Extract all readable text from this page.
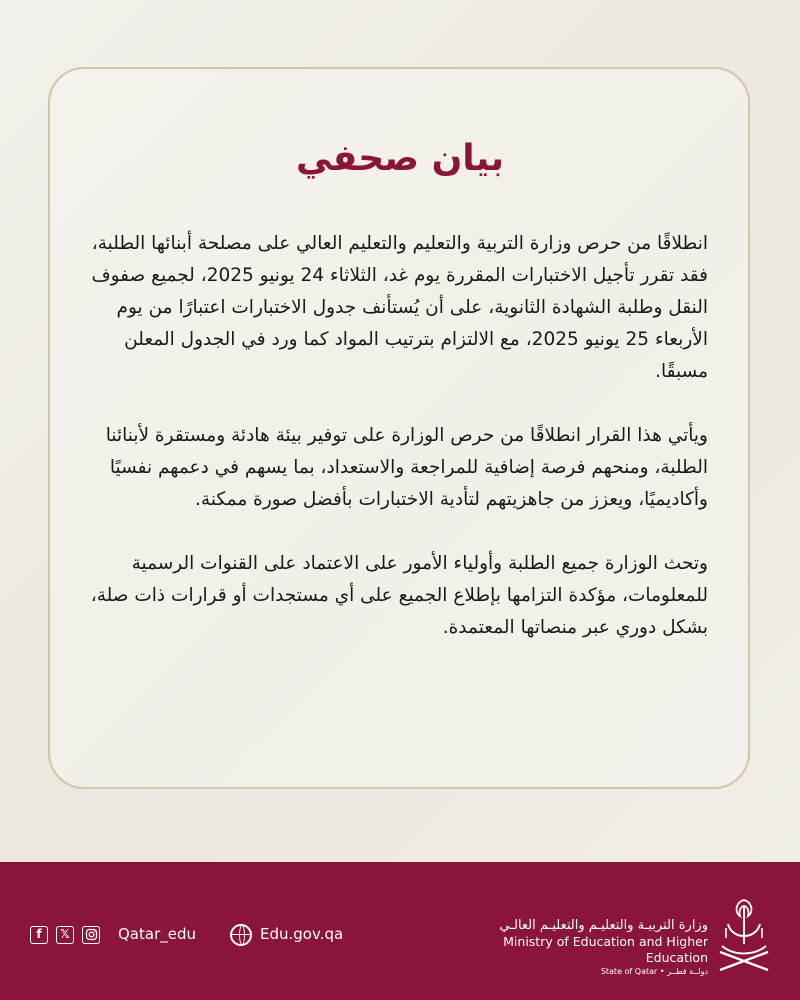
بيان صحفي

انطلاقًا من حرص وزارة التربية والتعليم والتعليم العالي على مصلحة أبنائها الطلبة، فقد تقرر تأجيل الاختبارات المقررة يوم غد، الثلاثاء 24 يونيو 2025، لجميع صفوف النقل وطلبة الشهادة الثانوية، على أن يُستأنف جدول الاختبارات اعتبارًا من يوم الأربعاء 25 يونيو 2025، مع الالتزام بترتيب المواد كما ورد في الجدول المعلن مسبقًا.

ويأتي هذا القرار انطلاقًا من حرص الوزارة على توفير بيئة هادئة ومستقرة لأبنائنا الطلبة، ومنحهم فرصة إضافية للمراجعة والاستعداد، بما يسهم في دعمهم نفسيًا وأكاديميًا، ويعزز من جاهزيتهم لتأدية الاختبارات بأفضل صورة ممكنة.

وتحث الوزارة جميع الطلبة وأولياء الأمور على الاعتماد على القنوات الرسمية للمعلومات، مؤكدة التزامها بإطلاع الجميع على أي مستجدات أو قرارات ذات صلة، بشكل دوري عبر منصاتها المعتمدة.

f	𝕏	Qatar_edu	Edu.gov.qa	وزارة التربيـة والتعليـم والتعليـم العالـي
Ministry of Education and Higher Education
State of Qatar • دولــة قطــر
